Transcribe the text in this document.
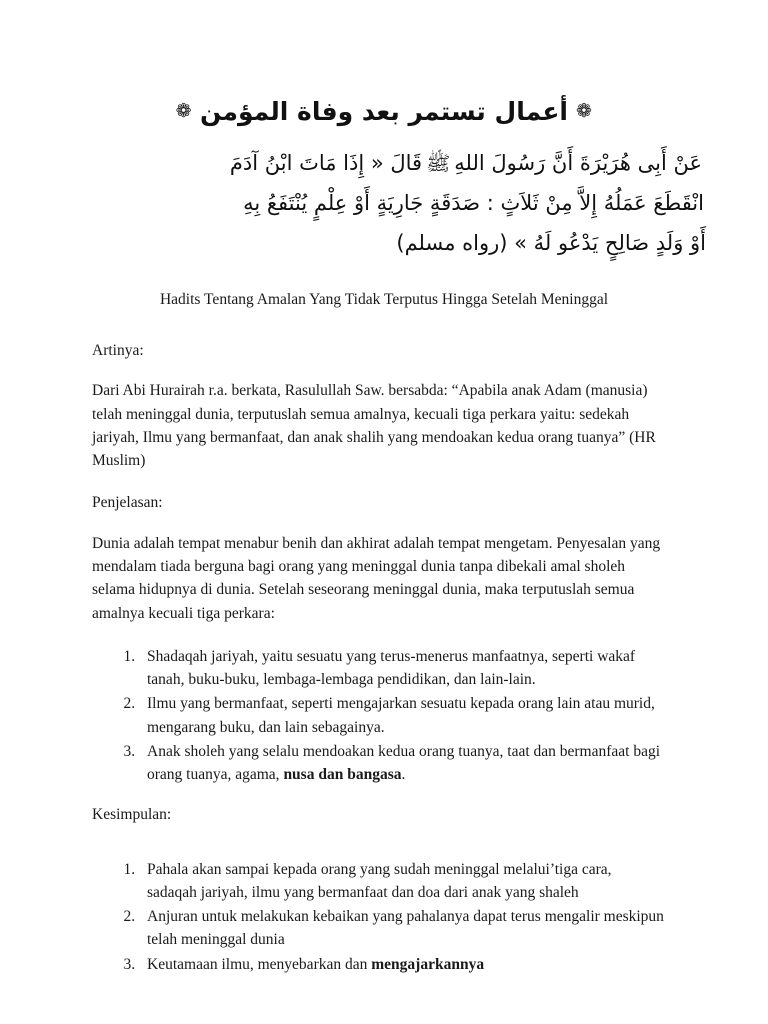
❁أعمال تستمر بعد وفاة المؤمن❁
عَنْ أَبِى هُرَيْرَةَ أَنَّ رَسُولَ اللهِﷺقَالَ « إِذَا مَاتَ ابْنُ آدَمَ
انْقَطَعَ عَمَلُهُ إِلاَّ مِنْ ثَلاَثٍ : صَدَقَةٍ جَارِيَةٍ أَوْ عِلْمٍ يُنْتَفَعُ بِهِ
أَوْ وَلَدٍ صَالِحٍ يَدْعُو لَهُ » (رواه مسلم)
Hadits Tentang Amalan Yang Tidak Terputus Hingga Setelah Meninggal

Artinya:

Dari Abi Hurairah r.a. berkata, Rasulullah Saw. bersabda: “Apabila anak Adam (manusia) telah meninggal dunia, terputuslah semua amalnya, kecuali tiga perkara yaitu: sedekah jariyah, Ilmu yang bermanfaat, dan anak shalih yang mendoakan kedua orang tuanya” (HR Muslim)

Penjelasan:

Dunia adalah tempat menabur benih dan akhirat adalah tempat mengetam. Penyesalan yang mendalam tiada berguna bagi orang yang meninggal dunia tanpa dibekali amal sholeh selama hidupnya di dunia. Setelah seseorang meninggal dunia, maka terputuslah semua amalnya kecuali tiga perkara:

1. Shadaqah jariyah, yaitu sesuatu yang terus-menerus manfaatnya, seperti wakaf tanah, buku-buku, lembaga-lembaga pendidikan, dan lain-lain.
2. Ilmu yang bermanfaat, seperti mengajarkan sesuatu kepada orang lain atau murid, mengarang buku, dan lain sebagainya.
3. Anak sholeh yang selalu mendoakan kedua orang tuanya, taat dan bermanfaat bagi orang tuanya, agama, nusa dan bangasa.

Kesimpulan:

1. Pahala akan sampai kepada orang yang sudah meninggal melalui’tiga cara, sadaqah jariyah, ilmu yang bermanfaat dan doa dari anak yang shaleh
2. Anjuran untuk melakukan kebaikan yang pahalanya dapat terus mengalir meskipun telah meninggal dunia
3. Keutamaan ilmu, menyebarkan dan mengajarkannya
